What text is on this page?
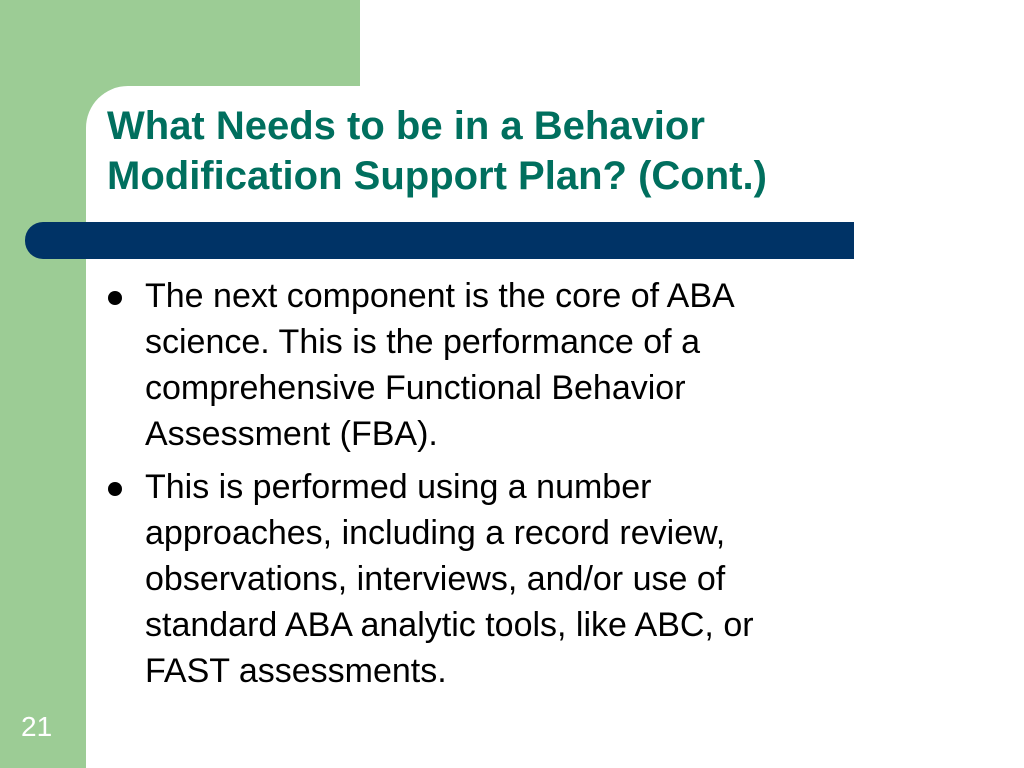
What Needs to be in a Behavior
Modification Support Plan? (Cont.)
The next component is the core of ABA
science. This is the performance of a
comprehensive Functional Behavior
Assessment (FBA).
This is performed using a number
approaches, including a record review,
observations, interviews, and/or use of
standard ABA analytic tools, like ABC, or
FAST assessments.
21
